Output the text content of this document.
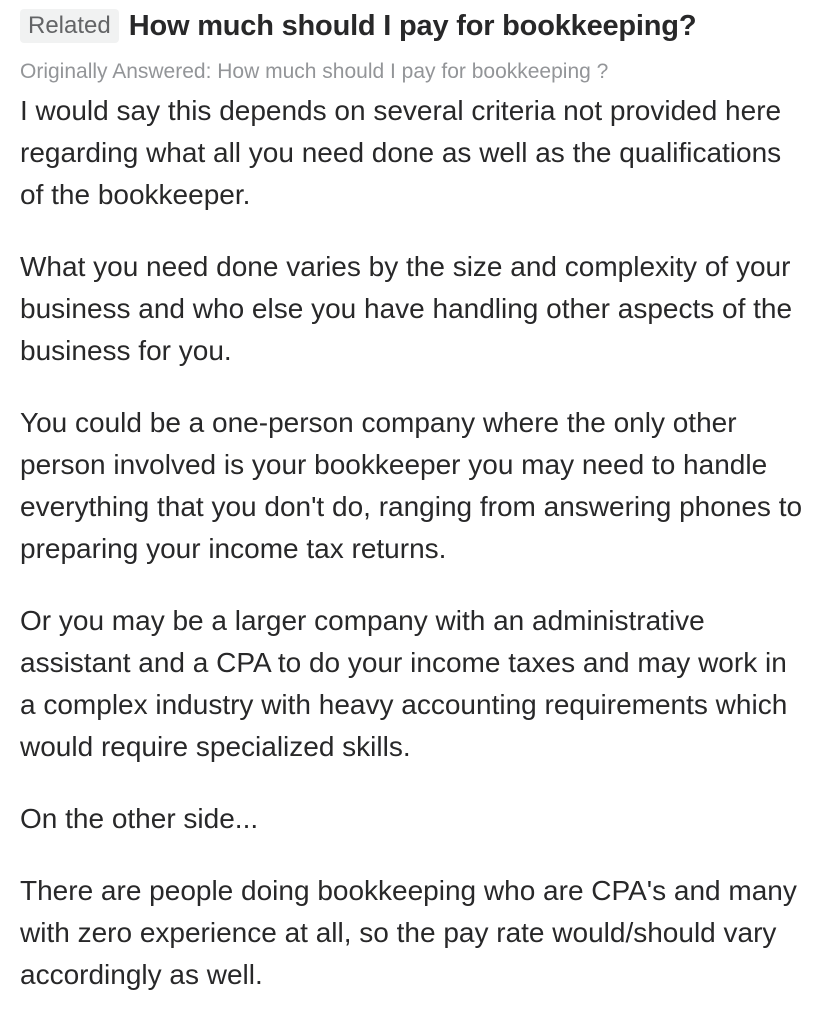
Related How much should I pay for bookkeeping?
Originally Answered: How much should I pay for bookkeeping ?

I would say this depends on several criteria not provided here regarding what all you need done as well as the qualifications of the bookkeeper.

What you need done varies by the size and complexity of your business and who else you have handling other aspects of the business for you.

You could be a one-person company where the only other person involved is your bookkeeper you may need to handle everything that you don't do, ranging from answering phones to preparing your income tax returns.

Or you may be a larger company with an administrative assistant and a CPA to do your income taxes and may work in a complex industry with heavy accounting requirements which would require specialized skills.

On the other side...

There are people doing bookkeeping who are CPA's and many with zero experience at all, so the pay rate would/should vary accordingly as well.
